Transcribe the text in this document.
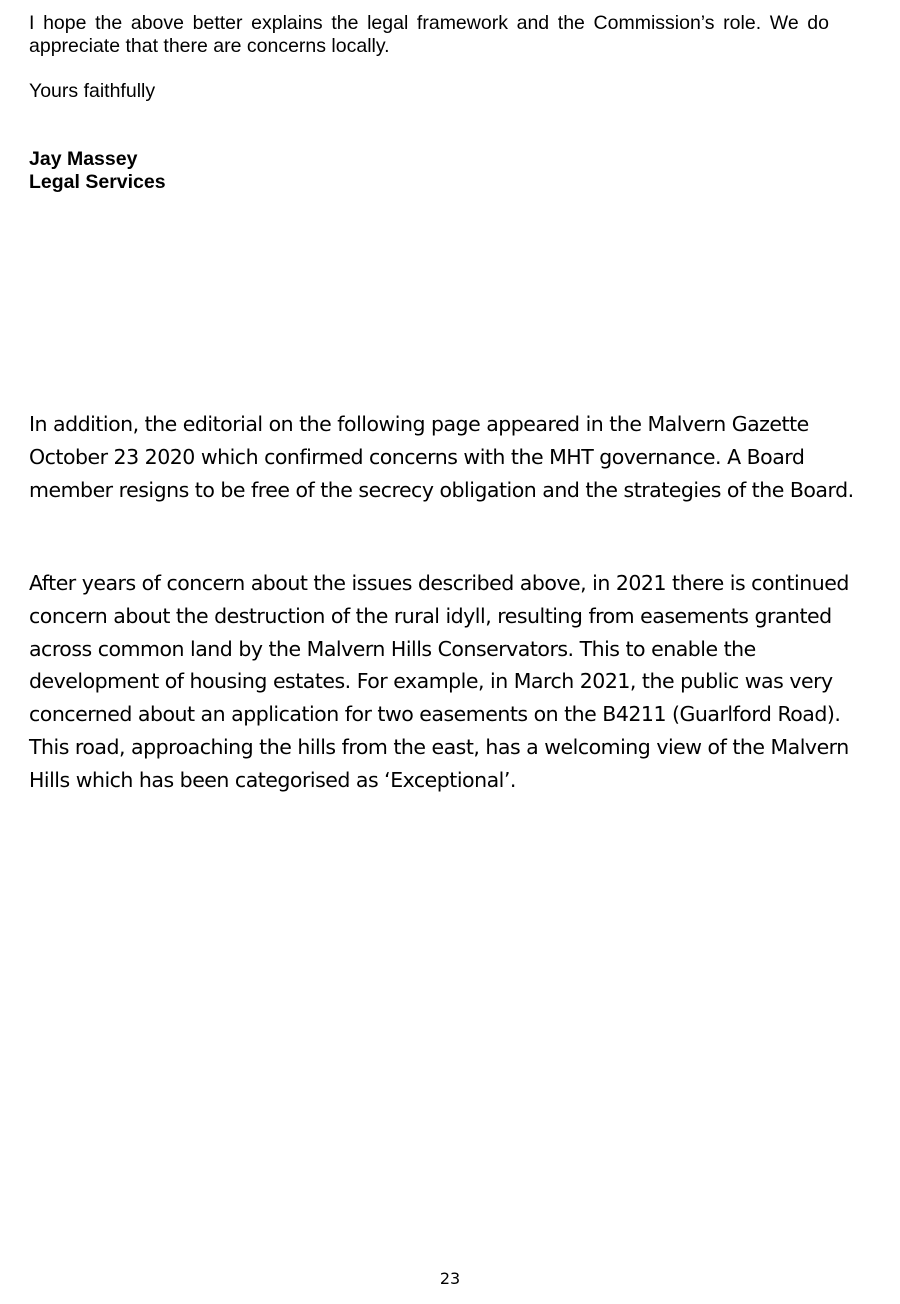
I hope the above better explains the legal framework and the Commission’s role. We do appreciate that there are concerns locally.

Yours faithfully

Jay Massey
Legal Services

In addition, the editorial on the following page appeared in the Malvern Gazette October 23 2020 which confirmed concerns with the MHT governance. A Board member resigns to be free of the secrecy obligation and the strategies of the Board.

After years of concern about the issues described above, in 2021 there is continued concern about the destruction of the rural idyll, resulting from easements granted across common land by the Malvern Hills Conservators. This to enable the development of housing estates. For example, in March 2021, the public was very concerned about an application for two easements on the B4211 (Guarlford Road). This road, approaching the hills from the east, has a welcoming view of the Malvern Hills which has been categorised as ‘Exceptional’.

23
